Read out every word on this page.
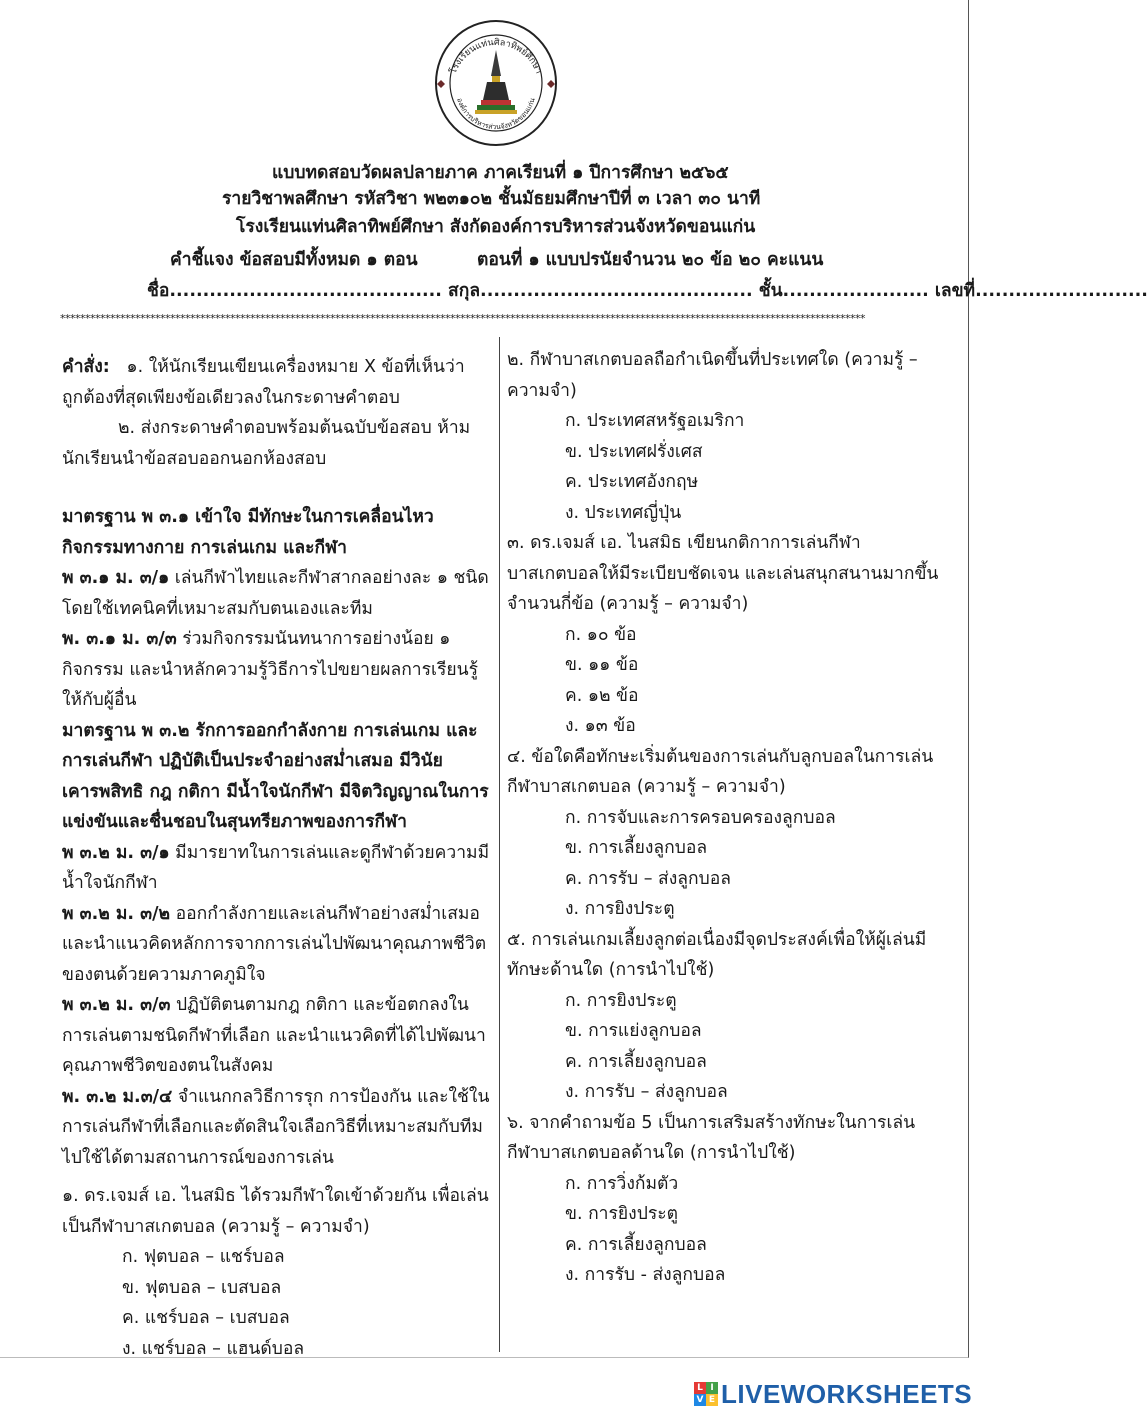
โรงเรียนแท่นศิลาทิพย์ศึกษา
องค์การบริหารส่วนจังหวัดขอนแก่น
แบบทดสอบวัดผลปลายภาค ภาคเรียนที่ ๑ ปีการศึกษา ๒๕๖๕
รายวิชาพลศึกษา รหัสวิชา พ๒๓๑๐๒ ชั้นมัธยมศึกษาปีที่ ๓ เวลา ๓๐ นาที
โรงเรียนแท่นศิลาทิพย์ศึกษา สังกัดองค์การบริหารส่วนจังหวัดขอนแก่น
คำชี้แจง ข้อสอบมีทั้งหมด ๑ ตอน	ตอนที่ ๑ แบบปรนัยจำนวน ๒๐ ข้อ ๒๐ คะแนน
ชื่อ......................................... สกุล......................................... ชั้น...................... เลขที่..........................
*****************************************************************************************************************************************************************

คำสั่ง: ๑. ให้นักเรียนเขียนเครื่องหมาย X ข้อที่เห็นว่า
ถูกต้องที่สุดเพียงข้อเดียวลงในกระดาษคำตอบ

๒. ส่งกระดาษคำตอบพร้อมต้นฉบับข้อสอบ ห้าม
นักเรียนนำข้อสอบออกนอกห้องสอบ

มาตรฐาน พ ๓.๑ เข้าใจ มีทักษะในการเคลื่อนไหว กิจกรรมทางกาย การเล่นเกม และกีฬา

พ ๓.๑ ม. ๓/๑ เล่นกีฬาไทยและกีฬาสากลอย่างละ ๑ ชนิด โดยใช้เทคนิคที่เหมาะสมกับตนเองและทีม

พ. ๓.๑ ม. ๓/๓ ร่วมกิจกรรมนันทนาการอย่างน้อย ๑ กิจกรรม และนำหลักความรู้วิธีการไปขยายผลการเรียนรู้ให้กับผู้อื่น

มาตรฐาน พ ๓.๒ รักการออกกำลังกาย การเล่นเกม และการเล่นกีฬา ปฏิบัติเป็นประจำอย่างสม่ำเสมอ มีวินัย เคารพสิทธิ กฎ กติกา มีน้ำใจนักกีฬา มีจิตวิญญาณในการแข่งขันและชื่นชอบในสุนทรียภาพของการกีฬา

พ ๓.๒ ม. ๓/๑ มีมารยาทในการเล่นและดูกีฬาด้วยความมีน้ำใจนักกีฬา

พ ๓.๒ ม. ๓/๒ ออกกำลังกายและเล่นกีฬาอย่างสม่ำเสมอ และนำแนวคิดหลักการจากการเล่นไปพัฒนาคุณภาพชีวิตของตนด้วยความภาคภูมิใจ

พ ๓.๒ ม. ๓/๓ ปฏิบัติตนตามกฎ กติกา และข้อตกลงในการเล่นตามชนิดกีฬาที่เลือก และนำแนวคิดที่ได้ไปพัฒนาคุณภาพชีวิตของตนในสังคม

พ. ๓.๒ ม.๓/๔ จำแนกกลวิธีการรุก การป้องกัน และใช้ในการเล่นกีฬาที่เลือกและตัดสินใจเลือกวิธีที่เหมาะสมกับทีมไปใช้ได้ตามสถานการณ์ของการเล่น

๑. ดร.เจมส์ เอ. ไนสมิธ ได้รวมกีฬาใดเข้าด้วยกัน เพื่อเล่นเป็นกีฬาบาสเกตบอล (ความรู้ – ความจำ)

ก. ฟุตบอล – แชร์บอล
ข. ฟุตบอล – เบสบอล
ค. แชร์บอล – เบสบอล
ง. แชร์บอล – แฮนด์บอล

๒. กีฬาบาสเกตบอลถือกำเนิดขึ้นที่ประเทศใด (ความรู้ – ความจำ)

ก. ประเทศสหรัฐอเมริกา
ข. ประเทศฝรั่งเศส
ค. ประเทศอังกฤษ
ง. ประเทศญี่ปุ่น

๓. ดร.เจมส์ เอ. ไนสมิธ เขียนกติกาการเล่นกีฬาบาสเกตบอลให้มีระเบียบชัดเจน และเล่นสนุกสนานมากขึ้นจำนวนกี่ข้อ (ความรู้ – ความจำ)

ก. ๑๐ ข้อ
ข. ๑๑ ข้อ
ค. ๑๒ ข้อ
ง. ๑๓ ข้อ

๔. ข้อใดคือทักษะเริ่มต้นของการเล่นกับลูกบอลในการเล่นกีฬาบาสเกตบอล (ความรู้ – ความจำ)

ก. การจับและการครอบครองลูกบอล
ข. การเลี้ยงลูกบอล
ค. การรับ – ส่งลูกบอล
ง. การยิงประตู

๕. การเล่นเกมเลี้ยงลูกต่อเนื่องมีจุดประสงค์เพื่อให้ผู้เล่นมีทักษะด้านใด (การนำไปใช้)

ก. การยิงประตู
ข. การแย่งลูกบอล
ค. การเลี้ยงลูกบอล
ง. การรับ – ส่งลูกบอล

๖. จากคำถามข้อ 5 เป็นการเสริมสร้างทักษะในการเล่นกีฬาบาสเกตบอลด้านใด (การนำไปใช้)

ก. การวิ่งก้มตัว
ข. การยิงประตู
ค. การเลี้ยงลูกบอล
ง. การรับ - ส่งลูกบอล
L I
V E LIVEWORKSHEETS
